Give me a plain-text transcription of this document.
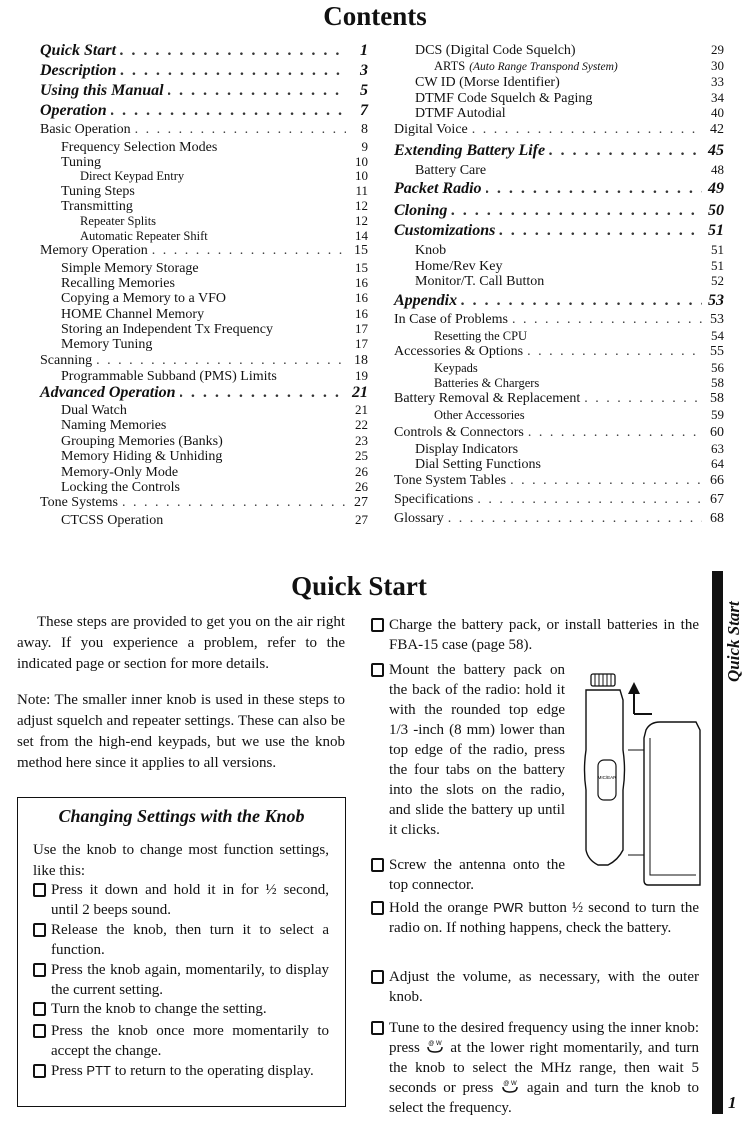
Contents
Quick Start . . .	1
Description . . .	3
Using this Manual . . .	5
Operation . . .	7
Basic Operation . . .	8
Frequency Selection Modes	9
Tuning	10
Direct Keypad Entry	10
Tuning Steps	11
Transmitting	12
Repeater Splits	12
Automatic Repeater Shift	14
Memory Operation . . .	15
Simple Memory Storage	15
Recalling Memories	16
Copying a Memory to a VFO	16
HOME Channel Memory	16
Storing an Independent Tx Frequency	17
Memory Tuning	17
Scanning . . .	18
Programmable Subband (PMS) Limits	19
Advanced Operation . . .	21
Dual Watch	21
Naming Memories	22
Grouping Memories (Banks)	23
Memory Hiding & Unhiding	25
Memory-Only Mode	26
Locking the Controls	26
Tone Systems . . .	27
CTCSS Operation	27
DCS (Digital Code Squelch)	29
ARTS (Auto Range Transpond System)	30
CW ID (Morse Identifier)	33
DTMF Code Squelch & Paging	34
DTMF Autodial	40
Digital Voice . . .	42
Extending Battery Life . . .	45
Battery Care	48
Packet Radio . . .	49
Cloning . . .	50
Customizations . . .	51
Knob	51
Home/Rev Key	51
Monitor/T. Call Button	52
Appendix . . .	53
In Case of Problems . . .	53
Resetting the CPU	54
Accessories & Options . . .	55
Keypads	56
Batteries & Chargers	58
Battery Removal & Replacement . . .	58
Other Accessories	59
Controls & Connectors . . .	60
Display Indicators	63
Dial Setting Functions	64
Tone System Tables . . .	66
Specifications . . .	67
Glossary . . .	68
Quick Start
Quick Start
1
These steps are provided to get you on the air right away. If you experience a problem, refer to the indicated page or section for more details.
Note: The smaller inner knob is used in these steps to adjust squelch and repeater settings. These can also be set from the high-end keypads, but we use the knob method here since it applies to all versions.
Changing Settings with the Knob
Use the knob to change most function settings, like this:
Press it down and hold it in for ½ second, until 2 beeps sound.
Release the knob, then turn it to select a function.
Press the knob again, momentarily, to display the current setting.
Turn the knob to change the setting.
Press the knob once more momentarily to accept the change.
Press PTT to return to the operating display.
Charge the battery pack, or install batteries in the FBA-15 case (page 58).
Mount the battery pack on the back of the radio: hold it with the rounded top edge 1/3 -inch (8 mm) lower than top edge of the radio, press the four tabs on the battery into the slots on the radio, and slide the battery up until it clicks.
Screw the antenna onto the top connector.
Hold the orange PWR button ½ second to turn the radio on. If nothing happens, check the battery.
Adjust the volume, as necessary, with the outer knob.
Tune to the desired frequency using the inner knob: press @ W at the lower right momentarily, and turn the knob to select the MHz range, then wait 5 seconds or press @ W again and turn the knob to select the frequency.
MIC/EAR
